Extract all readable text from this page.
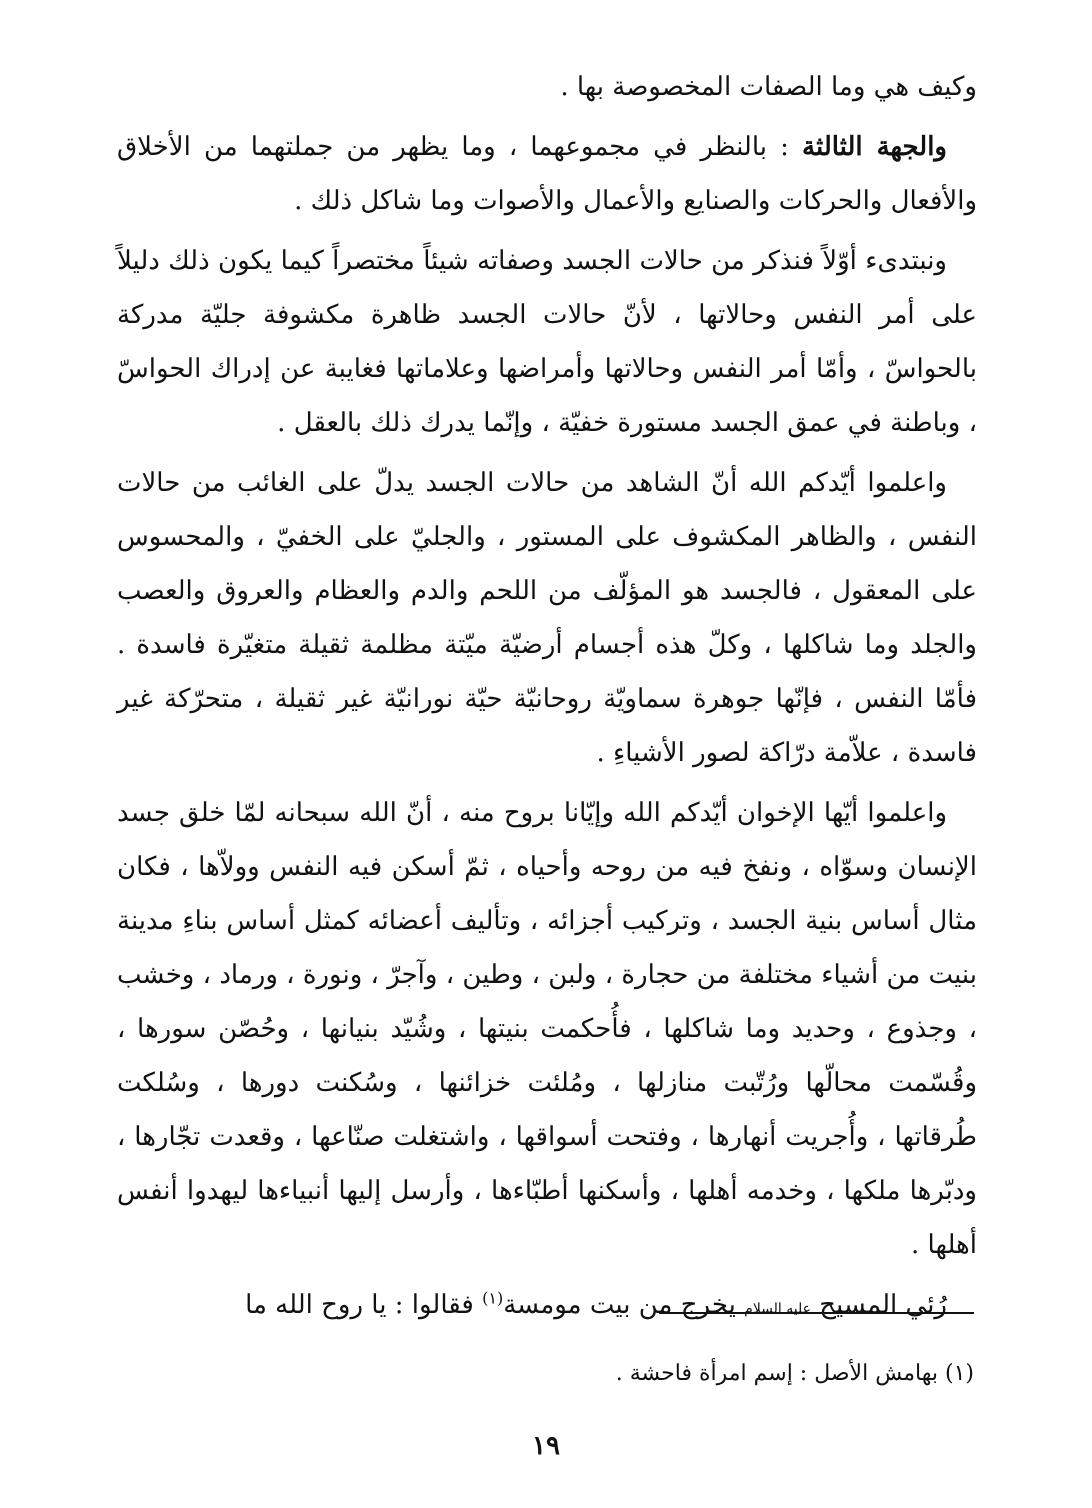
وكيف هي وما الصفات المخصوصة بها .

والجهة الثالثة : بالنظر في مجموعهما ، وما يظهر من جملتهما من الأخلاق والأفعال والحركات والصنايع والأعمال والأصوات وما شاكل ذلك .

ونبتدىء أوّلاً فنذكر من حالات الجسد وصفاته شيئاً مختصراً كيما يكون ذلك دليلاً على أمر النفس وحالاتها ، لأنّ حالات الجسد ظاهرة مكشوفة جليّة مدركة بالحواسّ ، وأمّا أمر النفس وحالاتها وأمراضها وعلاماتها فغايبة عن إدراك الحواسّ ، وباطنة في عمق الجسد مستورة خفيّة ، وإنّما يدرك ذلك بالعقل .

واعلموا أيّدكم الله أنّ الشاهد من حالات الجسد يدلّ على الغائب من حالات النفس ، والظاهر المكشوف على المستور ، والجليّ على الخفيّ ، والمحسوس على المعقول ، فالجسد هو المؤلّف من اللحم والدم والعظام والعروق والعصب والجلد وما شاكلها ، وكلّ هذه أجسام أرضيّة ميّتة مظلمة ثقيلة متغيّرة فاسدة . فأمّا النفس ، فإنّها جوهرة سماويّة روحانيّة حيّة نورانيّة غير ثقيلة ، متحرّكة غير فاسدة ، علاّمة درّاكة لصور الأشياءِ .

واعلموا أيّها الإخوان أيّدكم الله وإيّانا بروح منه ، أنّ الله سبحانه لمّا خلق جسد الإنسان وسوّاه ، ونفخ فيه من روحه وأحياه ، ثمّ أسكن فيه النفس وولاّها ، فكان مثال أساس بنية الجسد ، وتركيب أجزائه ، وتأليف أعضائه كمثل أساس بناءِ مدينة بنيت من أشياء مختلفة من حجارة ، ولبن ، وطين ، وآجرّ ، ونورة ، ورماد ، وخشب ، وجذوع ، وحديد وما شاكلها ، فأُحكمت بنيتها ، وشُيّد بنيانها ، وحُصّن سورها ، وقُسّمت محالّها ورُتّبت منازلها ، ومُلئت خزائنها ، وسُكنت دورها ، وسُلكت طُرقاتها ، وأُجريت أنهارها ، وفتحت أسواقها ، واشتغلت صنّاعها ، وقعدت تجّارها ، ودبّرها ملكها ، وخدمه أهلها ، وأسكنها أطبّاءها ، وأرسل إليها أنبياءها ليهدوا أنفس أهلها .

رُئي المسيح عليه السلام يخرج من بيت مومسة$^{(١)}$ فقالوا : يا روح الله ما

(١) بهامش الأصل : إسم امرأة فاحشة .

١٩
